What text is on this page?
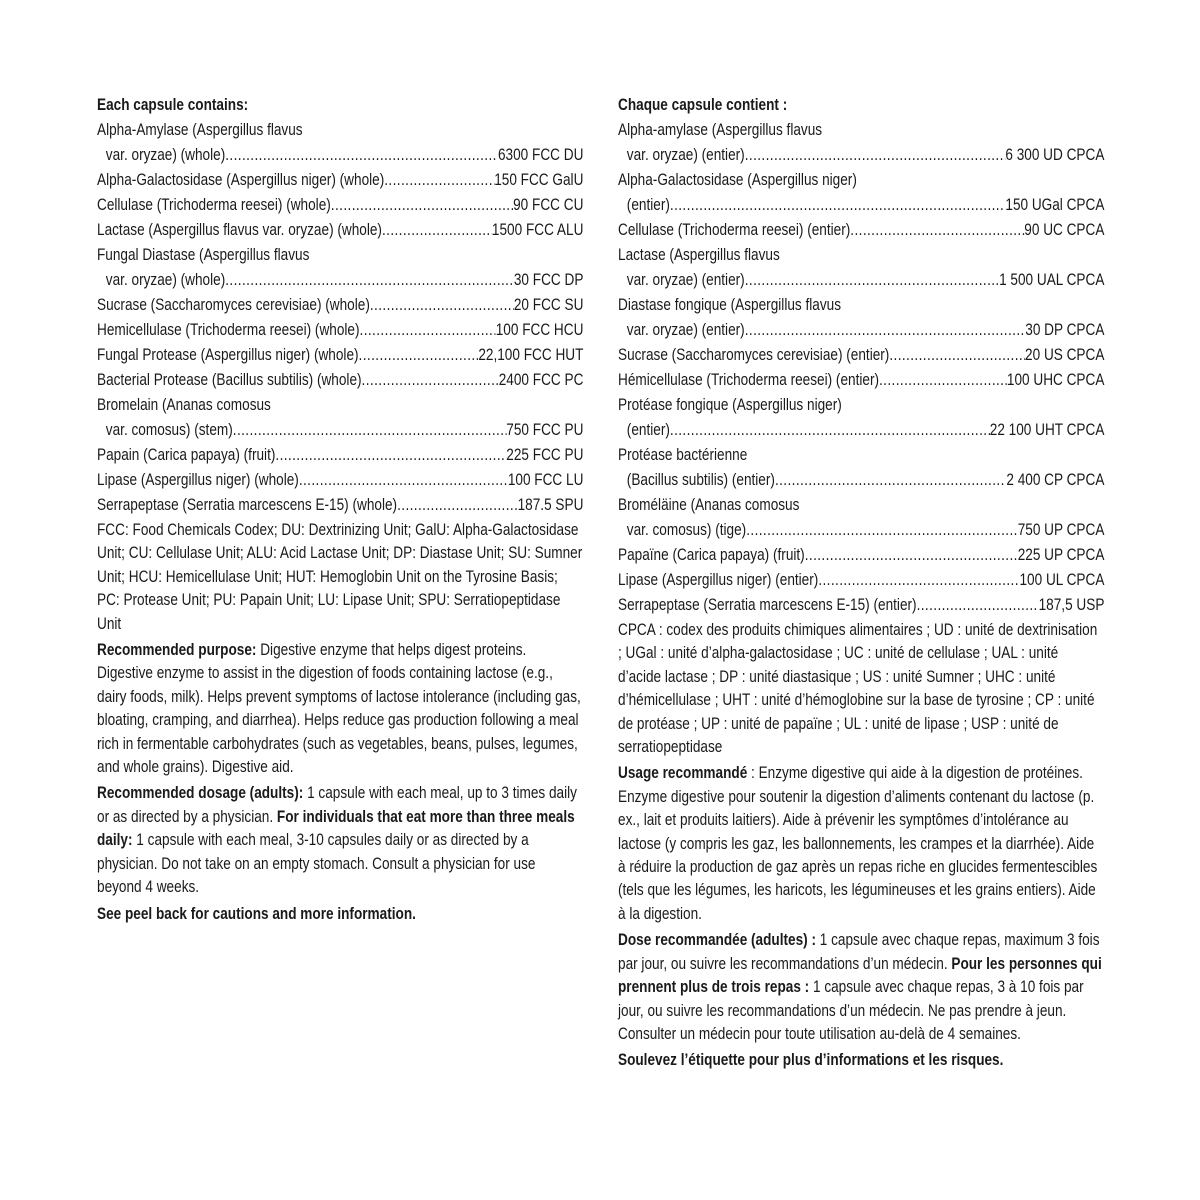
Each capsule contains:
Alpha-Amylase (Aspergillus flavus
var. oryzae) (whole) .....	6300 FCC DU
Alpha-Galactosidase (Aspergillus niger) (whole) .....	150 FCC GalU
Cellulase (Trichoderma reesei) (whole) .....	90 FCC CU
Lactase (Aspergillus flavus var. oryzae) (whole) .....	1500 FCC ALU
Fungal Diastase (Aspergillus flavus
var. oryzae) (whole) .....	30 FCC DP
Sucrase (Saccharomyces cerevisiae) (whole) .....	20 FCC SU
Hemicellulase (Trichoderma reesei) (whole) .....	100 FCC HCU
Fungal Protease (Aspergillus niger) (whole) .....	22,100 FCC HUT
Bacterial Protease (Bacillus subtilis) (whole) .....	2400 FCC PC
Bromelain (Ananas comosus
var. comosus) (stem) .....	750 FCC PU
Papain (Carica papaya) (fruit) .....	225 FCC PU
Lipase (Aspergillus niger) (whole) .....	100 FCC LU
Serrapeptase (Serratia marcescens E-15) (whole) .....	187.5 SPU
FCC: Food Chemicals Codex; DU: Dextrinizing Unit; GalU: Alpha-Galactosidase Unit; CU: Cellulase Unit; ALU: Acid Lactase Unit; DP: Diastase Unit; SU: Sumner Unit; HCU: Hemicellulase Unit; HUT: Hemoglobin Unit on the Tyrosine Basis; PC: Protease Unit; PU: Papain Unit; LU: Lipase Unit; SPU: Serratiopeptidase Unit
Recommended purpose: Digestive enzyme that helps digest proteins. Digestive enzyme to assist in the digestion of foods containing lactose (e.g., dairy foods, milk). Helps prevent symptoms of lactose intolerance (including gas, bloating, cramping, and diarrhea). Helps reduce gas production following a meal rich in fermentable carbohydrates (such as vegetables, beans, pulses, legumes, and whole grains). Digestive aid.
Recommended dosage (adults): 1 capsule with each meal, up to 3 times daily or as directed by a physician. For individuals that eat more than three meals daily: 1 capsule with each meal, 3-10 capsules daily or as directed by a physician. Do not take on an empty stomach. Consult a physician for use beyond 4 weeks.
See peel back for cautions and more information.
Chaque capsule contient :
Alpha-amylase (Aspergillus flavus
var. oryzae) (entier) .....	6 300 UD CPCA
Alpha-Galactosidase (Aspergillus niger)
(entier) .....	150 UGal CPCA
Cellulase (Trichoderma reesei) (entier) .....	90 UC CPCA
Lactase (Aspergillus flavus
var. oryzae) (entier) .....	1 500 UAL CPCA
Diastase fongique (Aspergillus flavus
var. oryzae) (entier) .....	30 DP CPCA
Sucrase (Saccharomyces cerevisiae) (entier) .....	20 US CPCA
Hémicellulase (Trichoderma reesei) (entier) .....	100 UHC CPCA
Protéase fongique (Aspergillus niger)
(entier) .....	22 100 UHT CPCA
Protéase bactérienne
(Bacillus subtilis) (entier) .....	2 400 CP CPCA
Broméläine (Ananas comosus
var. comosus) (tige) .....	750 UP CPCA
Papaïne (Carica papaya) (fruit) .....	225 UP CPCA
Lipase (Aspergillus niger) (entier) .....	100 UL CPCA
Serrapeptase (Serratia marcescens E-15) (entier) .....	187,5 USP
CPCA : codex des produits chimiques alimentaires ; UD : unité de dextrinisation ; UGal : unité d’alpha-galactosidase ; UC : unité de cellulase ; UAL : unité d’acide lactase ; DP : unité diastasique ; US : unité Sumner ; UHC : unité d’hémicellulase ; UHT : unité d’hémoglobine sur la base de tyrosine ; CP : unité de protéase ; UP : unité de papaïne ; UL : unité de lipase ; USP : unité de serratiopeptidase
Usage recommandé : Enzyme digestive qui aide à la digestion de protéines. Enzyme digestive pour soutenir la digestion d’aliments contenant du lactose (p. ex., lait et produits laitiers). Aide à prévenir les symptômes d’intolérance au lactose (y compris les gaz, les ballonnements, les crampes et la diarrhée). Aide à réduire la production de gaz après un repas riche en glucides fermentescibles (tels que les légumes, les haricots, les légumineuses et les grains entiers). Aide à la digestion.
Dose recommandée (adultes) : 1 capsule avec chaque repas, maximum 3 fois par jour, ou suivre les recommandations d’un médecin. Pour les personnes qui prennent plus de trois repas : 1 capsule avec chaque repas, 3 à 10 fois par jour, ou suivre les recommandations d’un médecin. Ne pas prendre à jeun. Consulter un médecin pour toute utilisation au-delà de 4 semaines.
Soulevez l’étiquette pour plus d’informations et les risques.
